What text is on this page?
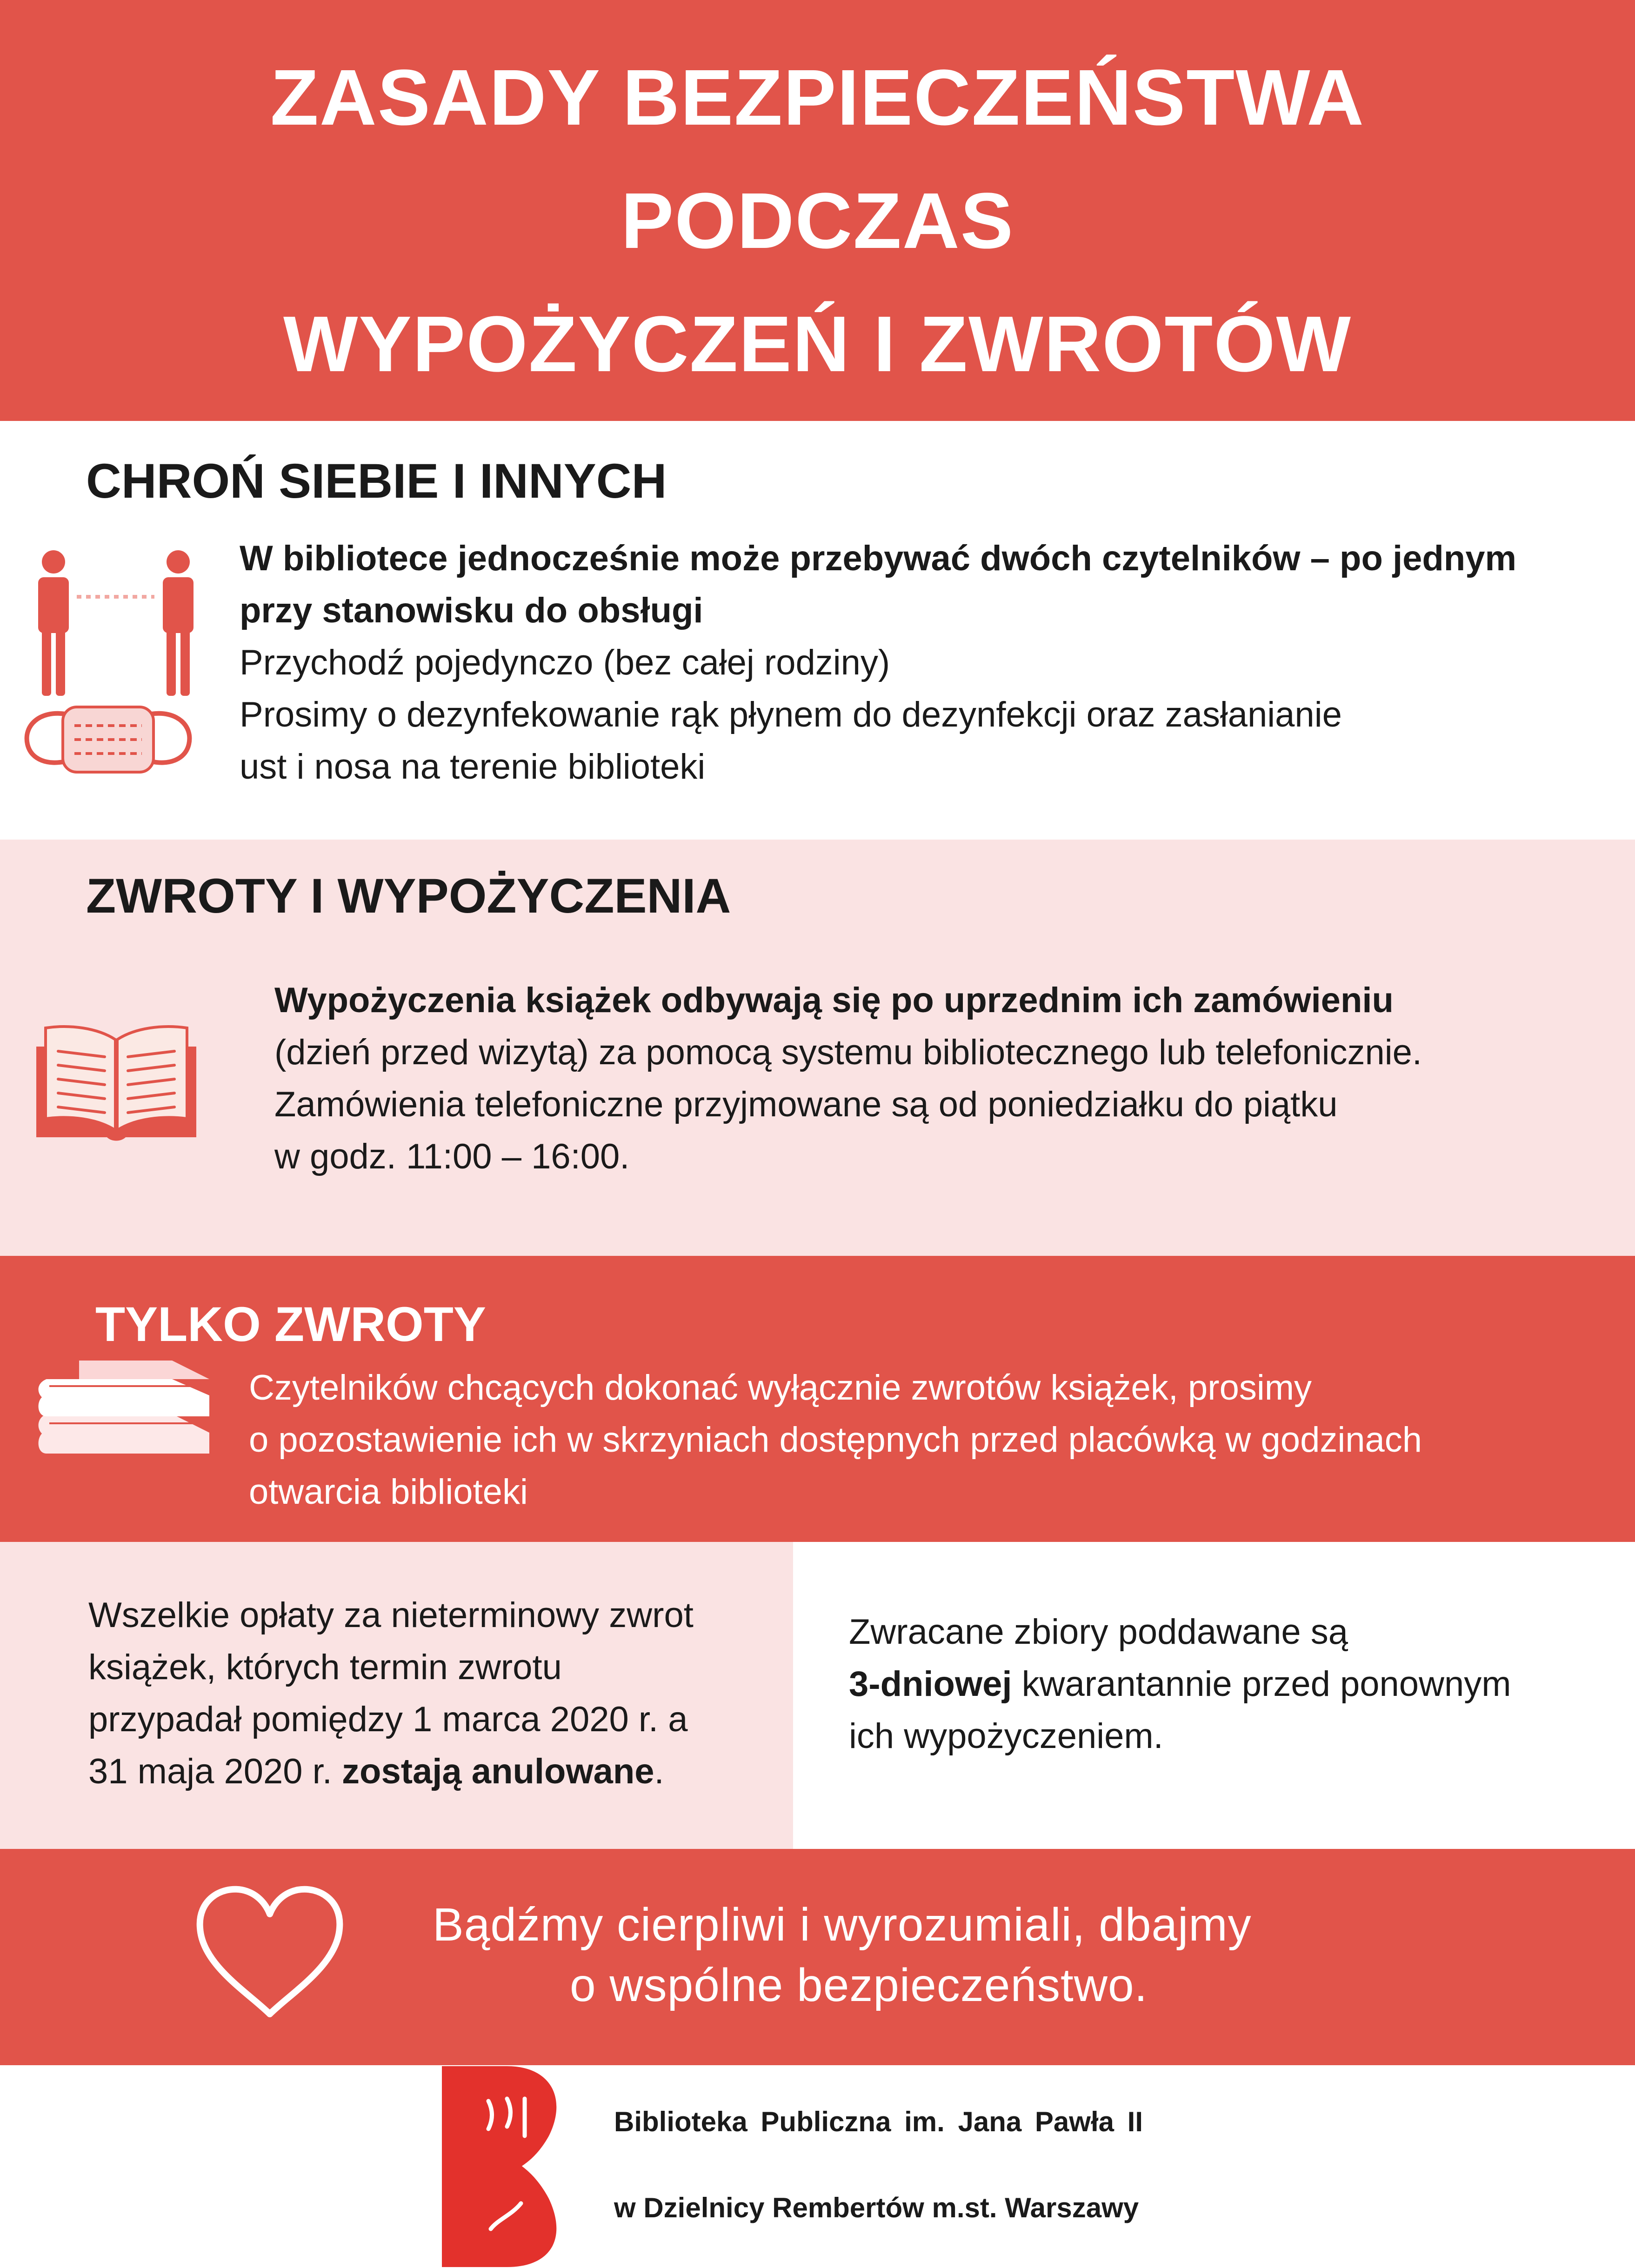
ZASADY BEZPIECZEŃSTWA
PODCZAS
WYPOŻYCZEŃ I ZWROTÓW
CHROŃ SIEBIE I INNYCH
W bibliotece jednocześnie może przebywać dwóch czytelników – po jednym
przy stanowisku do obsługi
Przychodź pojedynczo (bez całej rodziny)
Prosimy o dezynfekowanie rąk płynem do dezynfekcji oraz zasłanianie
ust i nosa na terenie biblioteki
ZWROTY I WYPOŻYCZENIA
Wypożyczenia książek odbywają się po uprzednim ich zamówieniu
(dzień przed wizytą) za pomocą systemu bibliotecznego lub telefonicznie.
Zamówienia telefoniczne przyjmowane są od poniedziałku do piątku
w godz. 11:00 – 16:00.
TYLKO ZWROTY
Czytelników chcących dokonać wyłącznie zwrotów książek, prosimy
o pozostawienie ich w skrzyniach dostępnych przed placówką w godzinach
otwarcia biblioteki
Wszelkie opłaty za nieterminowy zwrot
książek, których termin zwrotu
przypadał pomiędzy 1 marca 2020 r. a
31 maja 2020 r. zostają anulowane.
Zwracane zbiory poddawane są
3-dniowej kwarantannie przed ponownym
ich wypożyczeniem.
Bądźmy cierpliwi i wyrozumiali, dbajmy
o wspólne bezpieczeństwo.
Biblioteka Publiczna im. Jana Pawła II
w Dzielnicy Rembertów m.st. Warszawy
